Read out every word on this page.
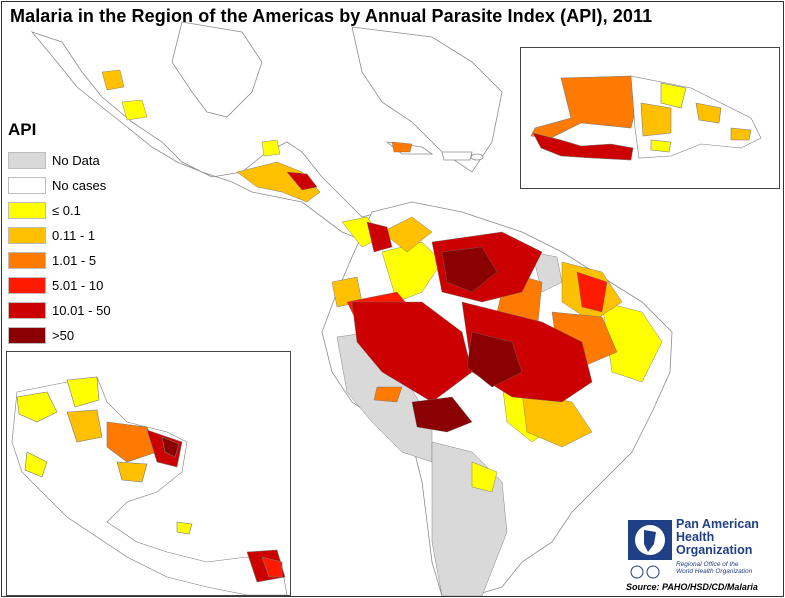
Malaria in the Region of the Americas by Annual Parasite Index (API), 2011
API
No Data
No cases
≤ 0.1
0.11 - 1
1.01 - 5
5.01 - 10
10.01 - 50
>50
Pan American
Health
Organization
Regional Office of the
World Health Organization
Source: PAHO/HSD/CD/Malaria
